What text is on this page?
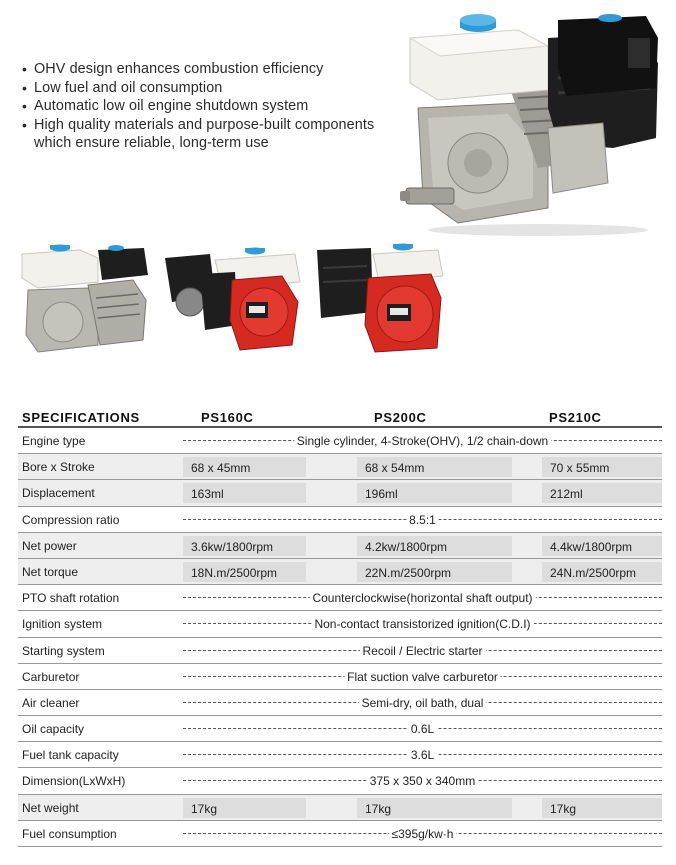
• OHV design enhances combustion efficiency
• Low fuel and oil consumption
• Automatic low oil engine shutdown system
• High quality materials and purpose-built components which ensure reliable, long-term use
SPECIFICATIONS	PS160C	PS200C	PS210C
Engine type	Single cylinder, 4-Stroke(OHV), 1/2 chain-down
Bore x Stroke	68 x 45mm	68 x 54mm	70 x 55mm
Displacement	163ml	196ml	212ml
Compression ratio	8.5:1
Net power	3.6kw/1800rpm	4.2kw/1800rpm	4.4kw/1800rpm
Net torque	18N.m/2500rpm	22N.m/2500rpm	24N.m/2500rpm
PTO shaft rotation	Counterclockwise(horizontal shaft output)
Ignition system	Non-contact transistorized ignition(C.D.I)
Starting system	Recoil / Electric starter
Carburetor	Flat suction valve carburetor
Air cleaner	Semi-dry, oil bath, dual
Oil capacity	0.6L
Fuel tank capacity	3.6L
Dimension(LxWxH)	375 x 350 x 340mm
Net weight	17kg	17kg	17kg
Fuel consumption	≤395g/kw·h
